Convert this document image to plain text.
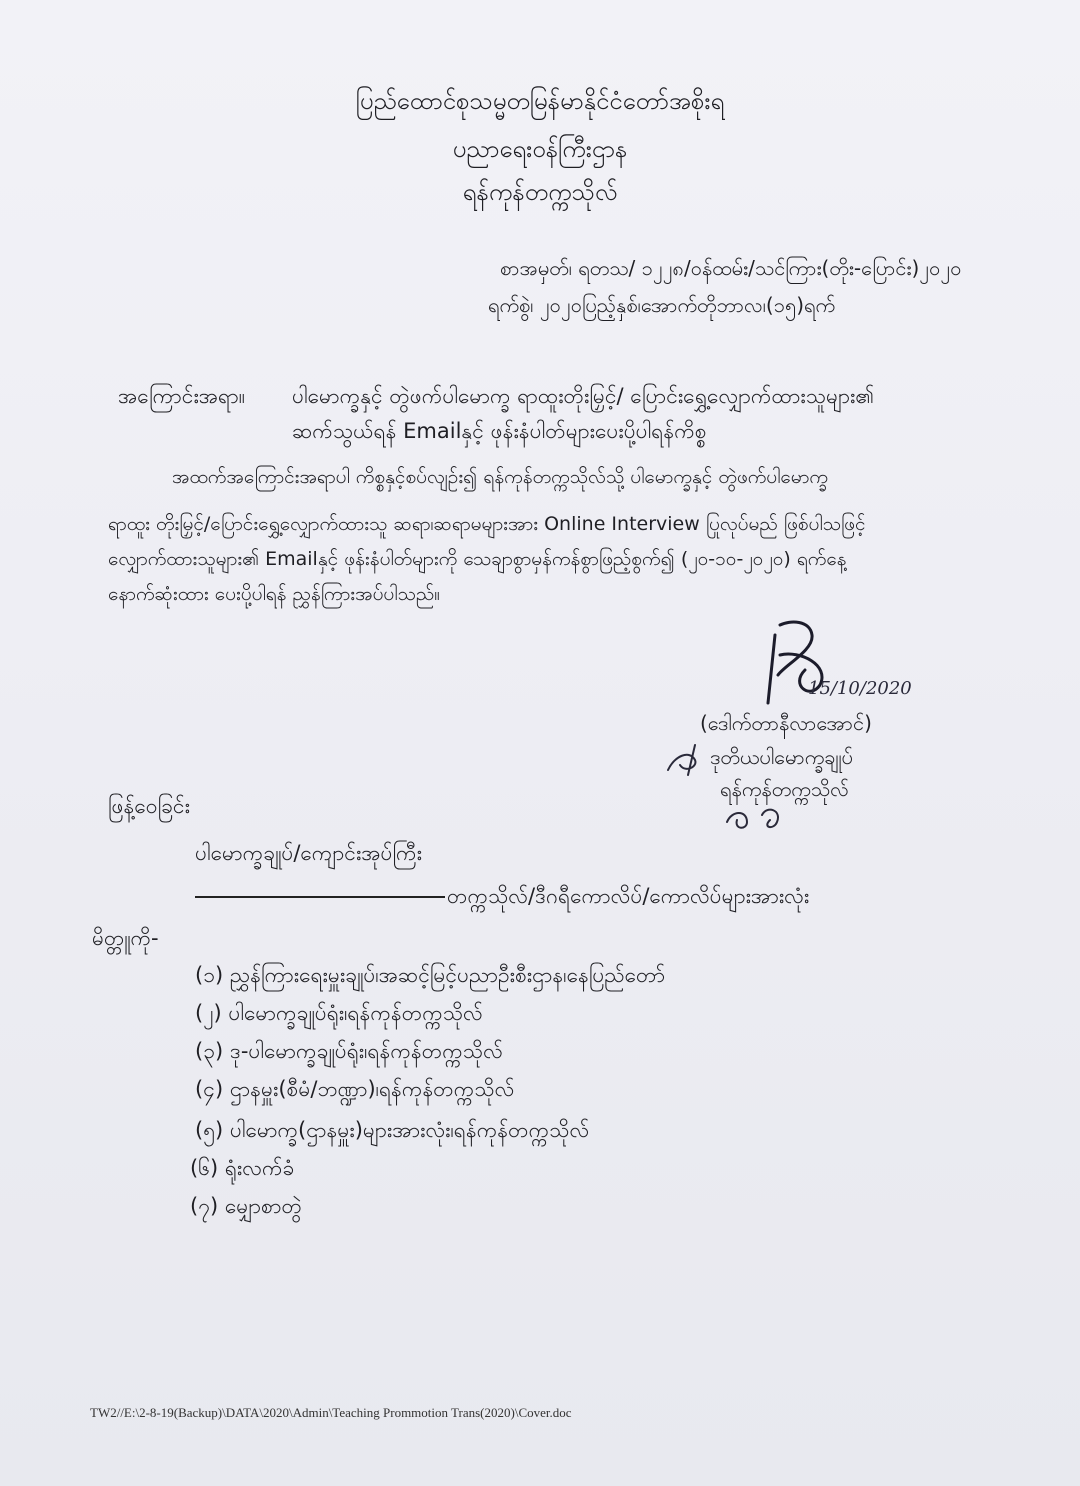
ပြည်ထောင်စုသမ္မတမြန်မာနိုင်ငံတော်အစိုးရ
ပညာရေးဝန်ကြီးဌာန
ရန်ကုန်တက္ကသိုလ်
စာအမှတ်၊ ရတသ/ ၁၂၂၈/ဝန်ထမ်း/သင်ကြား(တိုး-ပြောင်း)၂၀၂၀
ရက်စွဲ၊ ၂၀၂၀ပြည့်နှစ်၊အောက်တိုဘာလ၊(၁၅)ရက်
အကြောင်းအရာ။ ပါမောက္ခနှင့် တွဲဖက်ပါမောက္ခ ရာထူးတိုးမြှင့်/ ပြောင်းရွှေ့လျှောက်ထားသူများ၏
ဆက်သွယ်ရန် Emailနှင့် ဖုန်းနံပါတ်များပေးပို့ပါရန်ကိစ္စ
အထက်အကြောင်းအရာပါ ကိစ္စနှင့်စပ်လျဉ်း၍ ရန်ကုန်တက္ကသိုလ်သို့ ပါမောက္ခနှင့် တွဲဖက်ပါမောက္ခ
ရာထူး တိုးမြှင့်/ပြောင်းရွှေ့လျှောက်ထားသူ ဆရာ၊ဆရာမများအား Online Interview ပြုလုပ်မည် ဖြစ်ပါသဖြင့်
လျှောက်ထားသူများ၏ Emailနှင့် ဖုန်းနံပါတ်များကို သေချာစွာမှန်ကန်စွာဖြည့်စွက်၍ (၂၀-၁၀-၂၀၂၀) ရက်နေ့
နောက်ဆုံးထား ပေးပို့ပါရန် ညွှန်ကြားအပ်ပါသည်။
15/10/2020
(ဒေါက်တာနီလာအောင်)
ဒုတိယပါမောက္ခချုပ်
ရန်ကုန်တက္ကသိုလ်
ဖြန့်ဝေခြင်း
ပါမောက္ခချုပ်/ကျောင်းအုပ်ကြီး
တက္ကသိုလ်/ဒီဂရီကောလိပ်/ကောလိပ်များအားလုံး
မိတ္တူကို-
(၁) ညွှန်ကြားရေးမှူးချုပ်၊အဆင့်မြင့်ပညာဦးစီးဌာန၊နေပြည်တော်
(၂) ပါမောက္ခချုပ်ရုံး၊ရန်ကုန်တက္ကသိုလ်
(၃) ဒု-ပါမောက္ခချုပ်ရုံး၊ရန်ကုန်တက္ကသိုလ်
(၄) ဌာနမှူး(စီမံ/ဘဏ္ဍာ)၊ရန်ကုန်တက္ကသိုလ်
(၅) ပါမောက္ခ(ဌာနမှူး)များအားလုံး၊ရန်ကုန်တက္ကသိုလ်
(၆) ရုံးလက်ခံ
(၇) မျှောစာတွဲ
TW2//E:\2-8-19(Backup)\DATA\2020\Admin\Teaching Prommotion Trans(2020)\Cover.doc
